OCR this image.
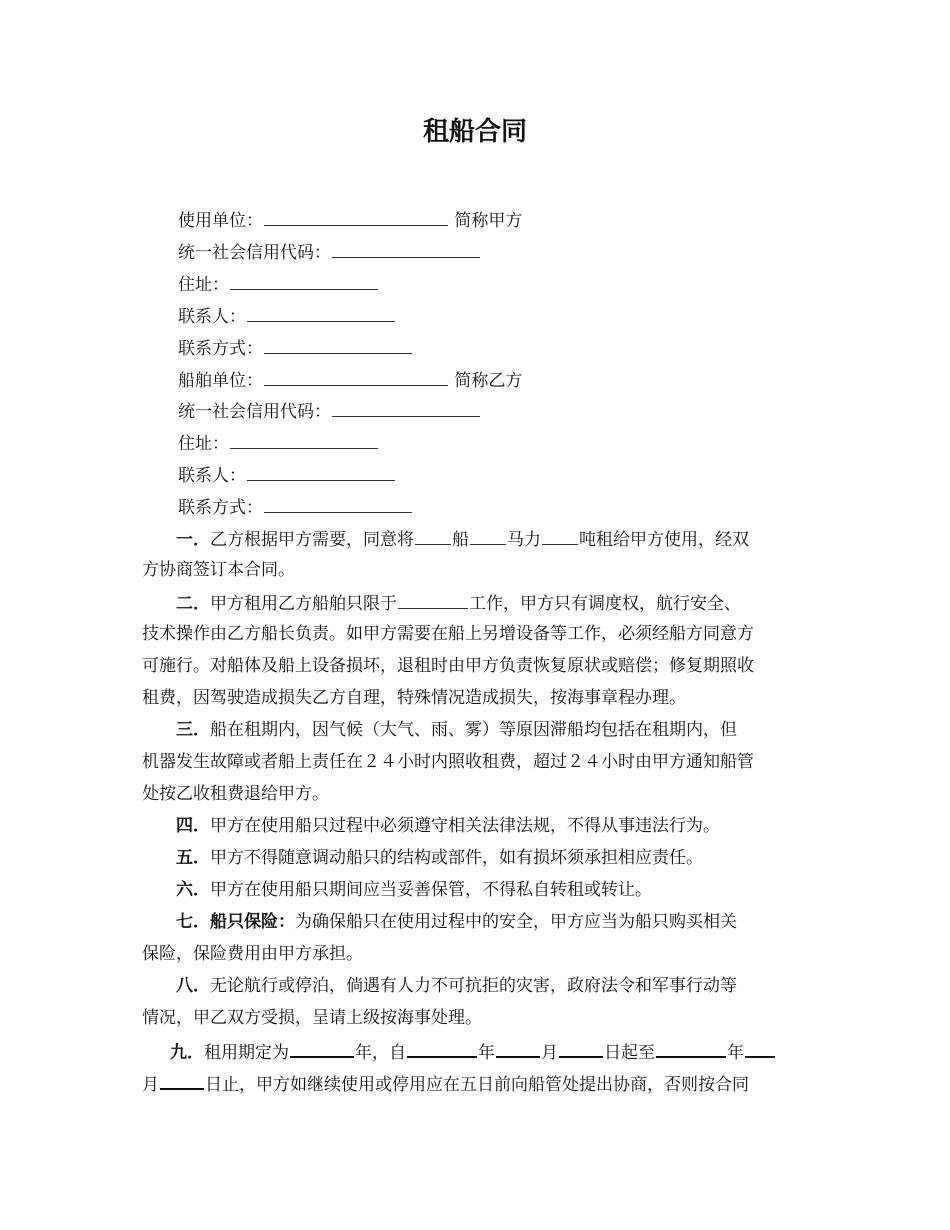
租船合同
使用单位：	简称甲方
统一社会信用代码：
住址：
联系人：
联系方式：
船舶单位：	简称乙方
统一社会信用代码：
住址：
联系人：
联系方式：
一．乙方根据甲方需要，同意将 船 马力 吨租给甲方使用，经双
方协商签订本合同。
二．甲方租用乙方船舶只限于	工作，甲方只有调度权，航行安全、
技术操作由乙方船长负责。如甲方需要在船上另增设备等工作，必须经船方同意方
可施行。对船体及船上设备损坏，退租时由甲方负责恢复原状或赔偿；修复期照收
租费，因驾驶造成损失乙方自理，特殊情况造成损失，按海事章程办理。
三．船在租期内，因气候（大气、雨、雾）等原因滞船均包括在租期内，但
机器发生故障或者船上责任在２４小时内照收租费，超过２４小时由甲方通知船管
处按乙收租费退给甲方。
四．甲方在使用船只过程中必须遵守相关法律法规，不得从事违法行为。
五．甲方不得随意调动船只的结构或部件，如有损坏须承担相应责任。
六．甲方在使用船只期间应当妥善保管，不得私自转租或转让。
七．船只保险：为确保船只在使用过程中的安全，甲方应当为船只购买相关
保险，保险费用由甲方承担。
八．无论航行或停泊，倘遇有人力不可抗拒的灾害，政府法令和军事行动等
情况，甲乙双方受损，呈请上级按海事处理。
九．租用期定为	年，自	年	月	日起至	年
月	日止，甲方如继续使用或停用应在五日前向船管处提出协商，否则按合同
